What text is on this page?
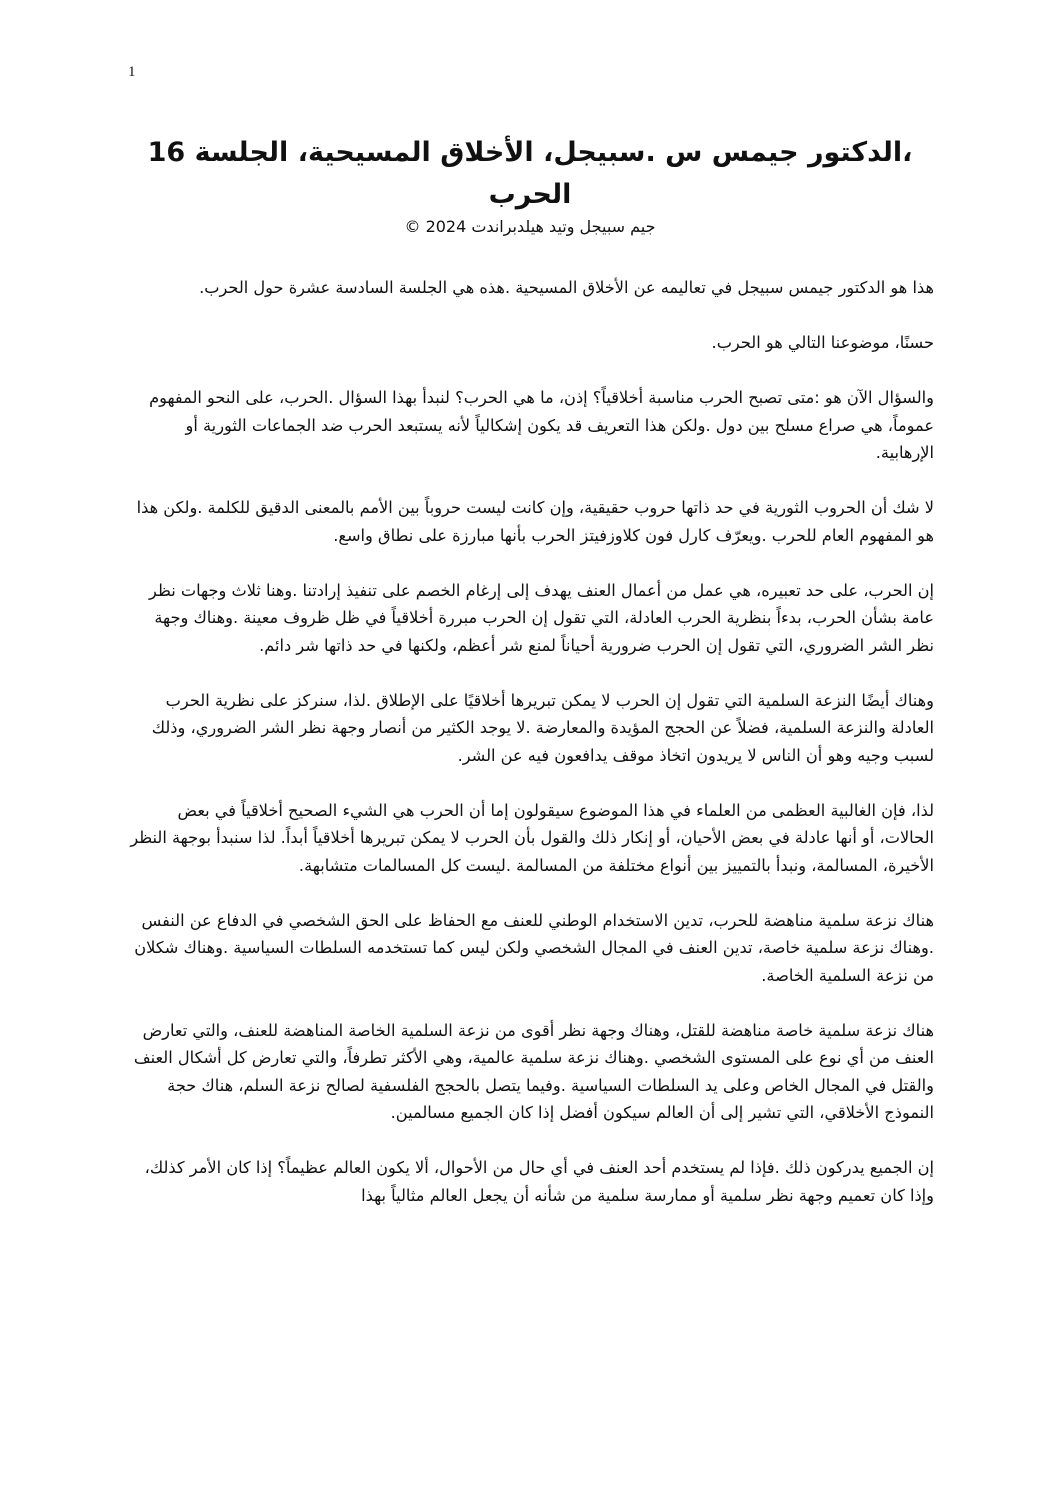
1
،الدكتور جيمس س .سبيجل، الأخلاق المسيحية، الجلسة 16 الحرب

جيم سبيجل وتيد هيلدبراندت 2024 ©

هذا هو الدكتور جيمس سبيجل في تعاليمه عن الأخلاق المسيحية .هذه هي الجلسة السادسة عشرة حول الحرب.

حسنًا، موضوعنا التالي هو الحرب.

والسؤال الآن هو :متى تصبح الحرب مناسبة أخلاقياً؟ إذن، ما هي الحرب؟ لنبدأ بهذا السؤال .الحرب، على النحو المفهوم عموماً، هي صراع مسلح بين دول .ولكن هذا التعريف قد يكون إشكالياً لأنه يستبعد الحرب ضد الجماعات الثورية أو الإرهابية.

لا شك أن الحروب الثورية في حد ذاتها حروب حقيقية، وإن كانت ليست حروباً بين الأمم بالمعنى الدقيق للكلمة .ولكن هذا هو المفهوم العام للحرب .ويعرّف كارل فون كلاوزفيتز الحرب بأنها مبارزة على نطاق واسع.

إن الحرب، على حد تعبيره، هي عمل من أعمال العنف يهدف إلى إرغام الخصم على تنفيذ إرادتنا .وهنا ثلاث وجهات نظر عامة بشأن الحرب، بدءاً بنظرية الحرب العادلة، التي تقول إن الحرب مبررة أخلاقياً في ظل ظروف معينة .وهناك وجهة نظر الشر الضروري، التي تقول إن الحرب ضرورية أحياناً لمنع شر أعظم، ولكنها في حد ذاتها شر دائم.

وهناك أيضًا النزعة السلمية التي تقول إن الحرب لا يمكن تبريرها أخلاقيًا على الإطلاق .لذا، سنركز على نظرية الحرب العادلة والنزعة السلمية، فضلاً عن الحجج المؤيدة والمعارضة .لا يوجد الكثير من أنصار وجهة نظر الشر الضروري، وذلك لسبب وجيه وهو أن الناس لا يريدون اتخاذ موقف يدافعون فيه عن الشر.

لذا، فإن الغالبية العظمى من العلماء في هذا الموضوع سيقولون إما أن الحرب هي الشيء الصحيح أخلاقياً في بعض الحالات، أو أنها عادلة في بعض الأحيان، أو إنكار ذلك والقول بأن الحرب لا يمكن تبريرها أخلاقياً أبداً. لذا سنبدأ بوجهة النظر الأخيرة، المسالمة، ونبدأ بالتمييز بين أنواع مختلفة من المسالمة .ليست كل المسالمات متشابهة.

هناك نزعة سلمية مناهضة للحرب، تدين الاستخدام الوطني للعنف مع الحفاظ على الحق الشخصي في الدفاع عن النفس .وهناك نزعة سلمية خاصة، تدين العنف في المجال الشخصي ولكن ليس كما تستخدمه السلطات السياسية .وهناك شكلان من نزعة السلمية الخاصة.

هناك نزعة سلمية خاصة مناهضة للقتل، وهناك وجهة نظر أقوى من نزعة السلمية الخاصة المناهضة للعنف، والتي تعارض العنف من أي نوع على المستوى الشخصي .وهناك نزعة سلمية عالمية، وهي الأكثر تطرفاً، والتي تعارض كل أشكال العنف والقتل في المجال الخاص وعلى يد السلطات السياسية .وفيما يتصل بالحجج الفلسفية لصالح نزعة السلم، هناك حجة النموذج الأخلاقي، التي تشير إلى أن العالم سيكون أفضل إذا كان الجميع مسالمين.

إن الجميع يدركون ذلك .فإذا لم يستخدم أحد العنف في أي حال من الأحوال، ألا يكون العالم عظيماً؟ إذا كان الأمر كذلك، وإذا كان تعميم وجهة نظر سلمية أو ممارسة سلمية من شأنه أن يجعل العالم مثالياً بهذا
